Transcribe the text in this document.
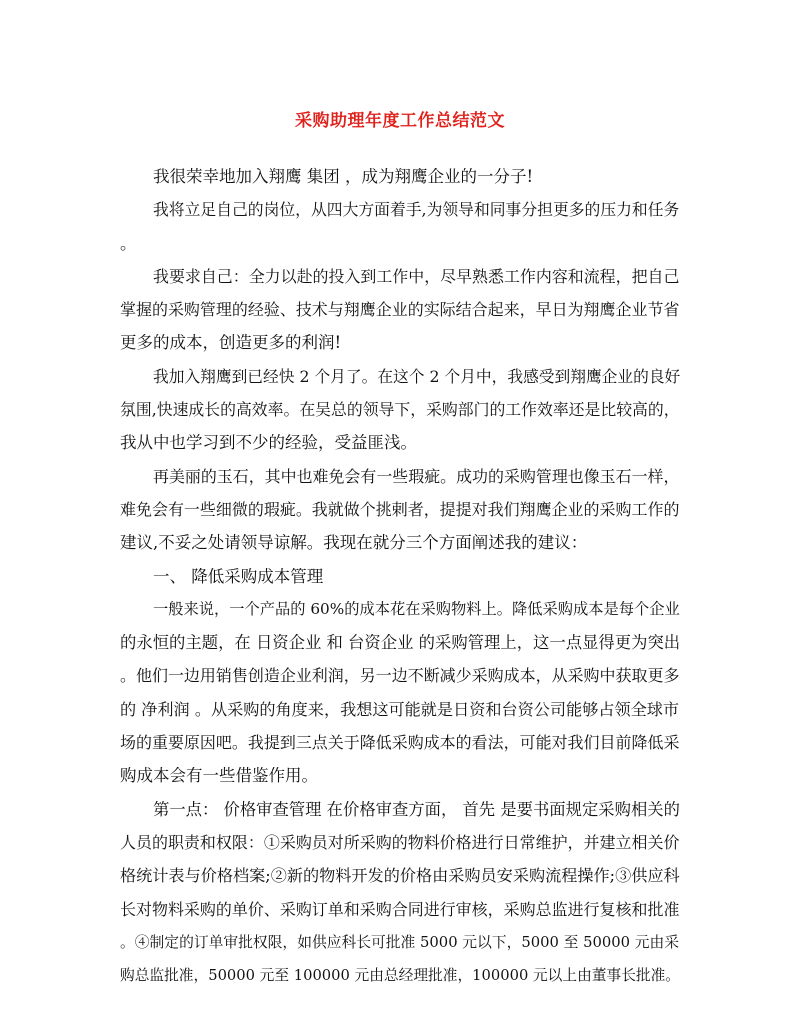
采购助理年度工作总结范文
我很荣幸地加入翔鹰 集团 ，成为翔鹰企业的一分子!
我将立足自己的岗位，从四大方面着手,为领导和同事分担更多的压力和任务
。
我要求自己：全力以赴的投入到工作中，尽早熟悉工作内容和流程，把自己
掌握的采购管理的经验、技术与翔鹰企业的实际结合起来，早日为翔鹰企业节省
更多的成本，创造更多的利润!
我加入翔鹰到已经快 2 个月了。在这个 2 个月中，我感受到翔鹰企业的良好
氛围,快速成长的高效率。在吴总的领导下，采购部门的工作效率还是比较高的，
我从中也学习到不少的经验，受益匪浅。
再美丽的玉石，其中也难免会有一些瑕疵。成功的采购管理也像玉石一样，
难免会有一些细微的瑕疵。我就做个挑剌者，提提对我们翔鹰企业的采购工作的
建议,不妥之处请领导谅解。我现在就分三个方面阐述我的建议：
一、 降低采购成本管理
一般来说，一个产品的 60%的成本花在采购物料上。降低采购成本是每个企业
的永恒的主题，在 日资企业 和 台资企业 的采购管理上，这一点显得更为突出
。他们一边用销售创造企业利润，另一边不断减少采购成本，从采购中获取更多
的 净利润 。从采购的角度来，我想这可能就是日资和台资公司能够占领全球市
场的重要原因吧。我提到三点关于降低采购成本的看法，可能对我们目前降低采
购成本会有一些借鉴作用。
第一点： 价格审查管理 在价格审查方面， 首先 是要书面规定采购相关的
人员的职责和权限：①采购员对所采购的物料价格进行日常维护，并建立相关价
格统计表与价格档案;②新的物料开发的价格由采购员安采购流程操作;③供应科
长对物料采购的单价、采购订单和采购合同进行审核，采购总监进行复核和批准
。④制定的订单审批权限，如供应科长可批准 5000 元以下，5000 至 50000 元由采
购总监批准，50000 元至 100000 元由总经理批准，100000 元以上由董事长批准。
